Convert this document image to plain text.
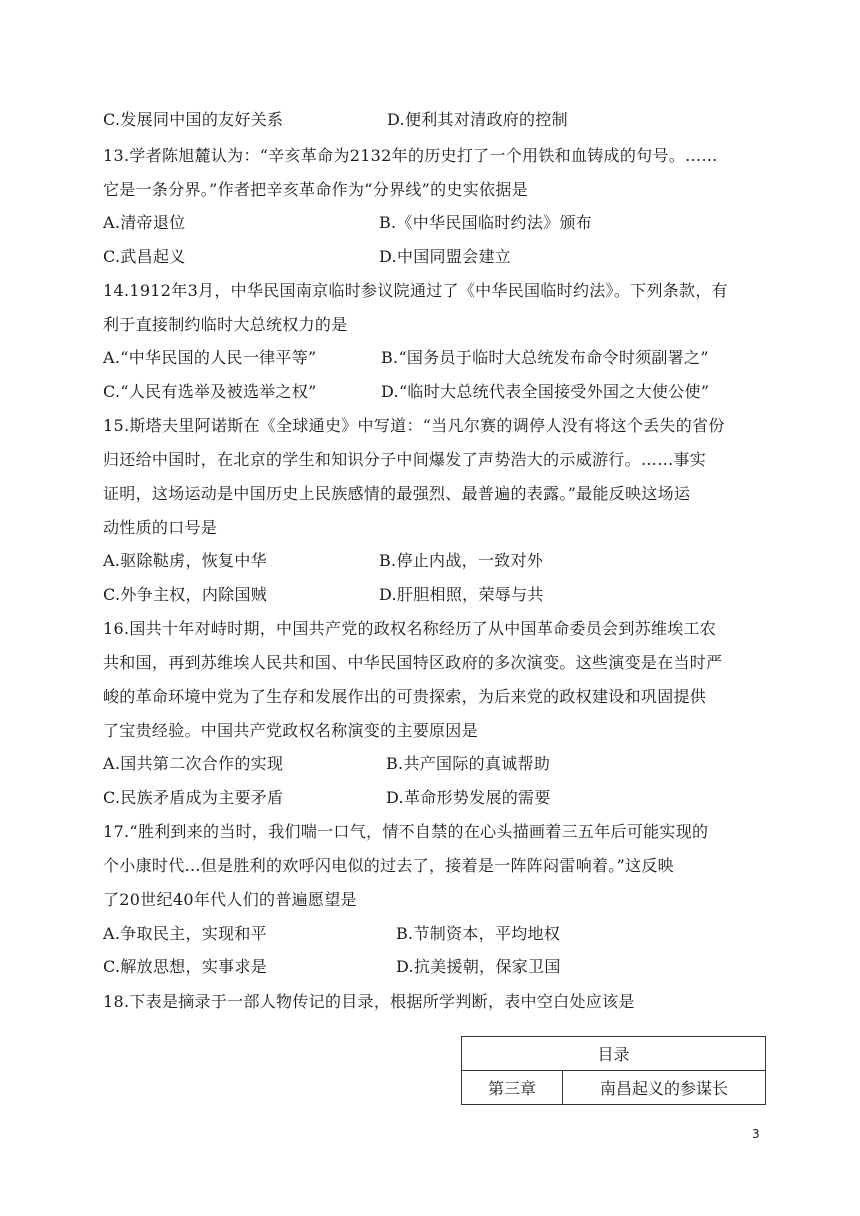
C.发展同中国的友好关系	D.便利其对清政府的控制
13.学者陈旭麓认为：“辛亥革命为2132年的历史打了一个用铁和血铸成的句号。……
它是一条分界。”作者把辛亥革命作为“分界线”的史实依据是
A.清帝退位	B.《中华民国临时约法》颁布
C.武昌起义	D.中国同盟会建立
14.1912年3月，中华民国南京临时参议院通过了《中华民国临时约法》。下列条款，有
利于直接制约临时大总统权力的是
A.“中华民国的人民一律平等”	B.“国务员于临时大总统发布命令时须副署之”
C.“人民有选举及被选举之权”	D.“临时大总统代表全国接受外国之大使公使”
15.斯塔夫里阿诺斯在《全球通史》中写道：“当凡尔赛的调停人没有将这个丢失的省份
归还给中国时，在北京的学生和知识分子中间爆发了声势浩大的示威游行。……事实
证明，这场运动是中国历史上民族感情的最强烈、最普遍的表露。”最能反映这场运
动性质的口号是
A.驱除鞑虏，恢复中华	B.停止内战，一致对外
C.外争主权，内除国贼	D.肝胆相照，荣辱与共
16.国共十年对峙时期，中国共产党的政权名称经历了从中国革命委员会到苏维埃工农
共和国，再到苏维埃人民共和国、中华民国特区政府的多次演变。这些演变是在当时严
峻的革命环境中党为了生存和发展作出的可贵探索，为后来党的政权建设和巩固提供
了宝贵经验。中国共产党政权名称演变的主要原因是
A.国共第二次合作的实现	B.共产国际的真诚帮助
C.民族矛盾成为主要矛盾	D.革命形势发展的需要
17.“胜利到来的当时，我们喘一口气，情不自禁的在心头描画着三五年后可能实现的
个小康时代…但是胜利的欢呼闪电似的过去了，接着是一阵阵闷雷响着。”这反映
了20世纪40年代人们的普遍愿望是
A.争取民主，实现和平	B.节制资本，平均地权
C.解放思想，实事求是	D.抗美援朝，保家卫国
18.下表是摘录于一部人物传记的目录，根据所学判断，表中空白处应该是
目录
第三章	南昌起义的参谋长
3
